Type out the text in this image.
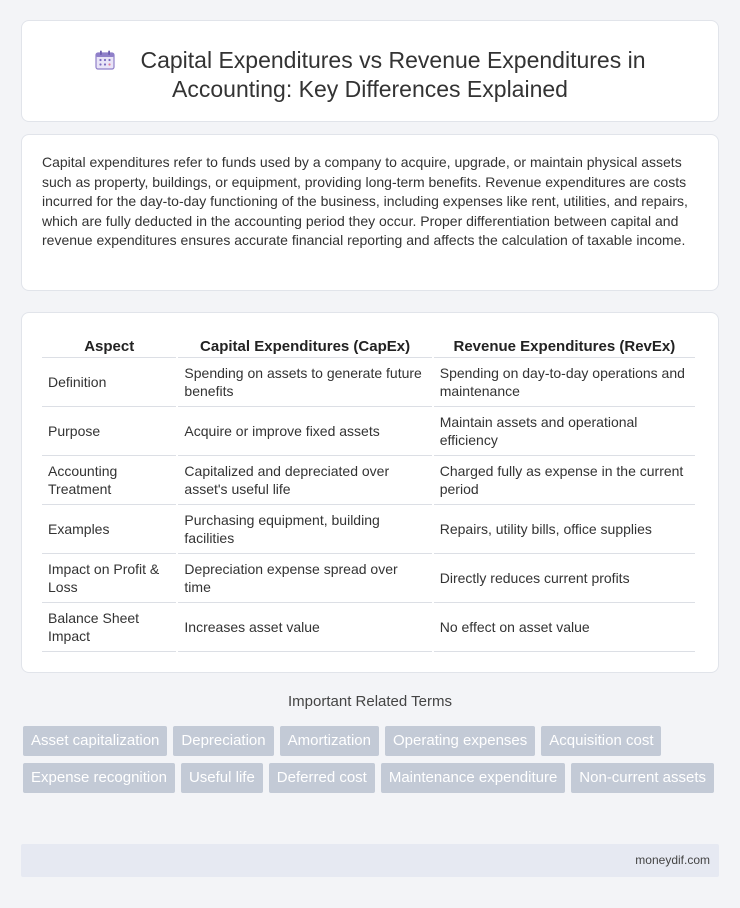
Capital Expenditures vs Revenue Expenditures in
Accounting: Key Differences Explained

Capital expenditures refer to funds used by a company to acquire, upgrade, or maintain physical assets such as property, buildings, or equipment, providing long-term benefits. Revenue expenditures are costs incurred for the day-to-day functioning of the business, including expenses like rent, utilities, and repairs, which are fully deducted in the accounting period they occur. Proper differentiation between capital and revenue expenditures ensures accurate financial reporting and affects the calculation of taxable income.

Aspect	Capital Expenditures (CapEx)	Revenue Expenditures (RevEx)
Definition	Spending on assets to generate future benefits	Spending on day-to-day operations and maintenance
Purpose	Acquire or improve fixed assets	Maintain assets and operational efficiency
Accounting Treatment	Capitalized and depreciated over asset's useful life	Charged fully as expense in the current period
Examples	Purchasing equipment, building facilities	Repairs, utility bills, office supplies
Impact on Profit & Loss	Depreciation expense spread over time	Directly reduces current profits
Balance Sheet Impact	Increases asset value	No effect on asset value
Important Related Terms
Asset capitalization	Depreciation	Amortization	Operating expenses	Acquisition cost
Expense recognition	Useful life	Deferred cost	Maintenance expenditure	Non-current assets
moneydif.com
